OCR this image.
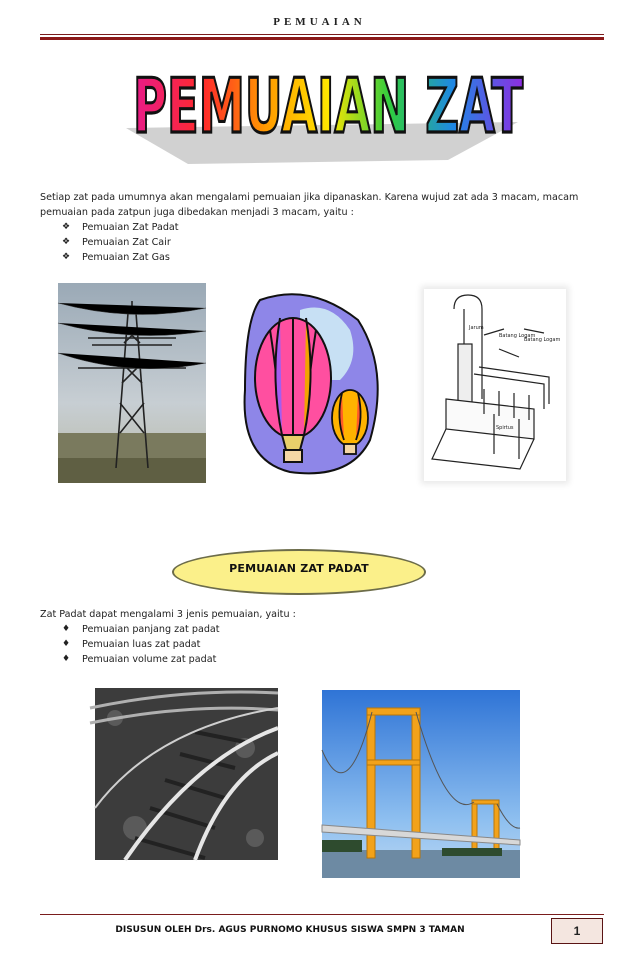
PEMUAIAN
PEMUAIAN ZAT

Setiap zat pada umumnya akan mengalami pemuaian jika dipanaskan. Karena wujud zat ada 3 macam, macam pemuaian pada zatpun juga dibedakan menjadi 3 macam, yaitu :

❖ Pemuaian Zat Padat
❖ Pemuaian Zat Cair
❖ Pemuaian Zat Gas
Jarum
Batang Logam
Batang Logam
Spirtus
PEMUAIAN ZAT PADAT

Zat Padat dapat mengalami 3 jenis pemuaian, yaitu :

♦ Pemuaian panjang zat padat
♦ Pemuaian luas zat padat
♦ Pemuaian volume zat padat
DISUSUN OLEH Drs. AGUS PURNOMO KHUSUS SISWA SMPN 3 TAMAN	1
